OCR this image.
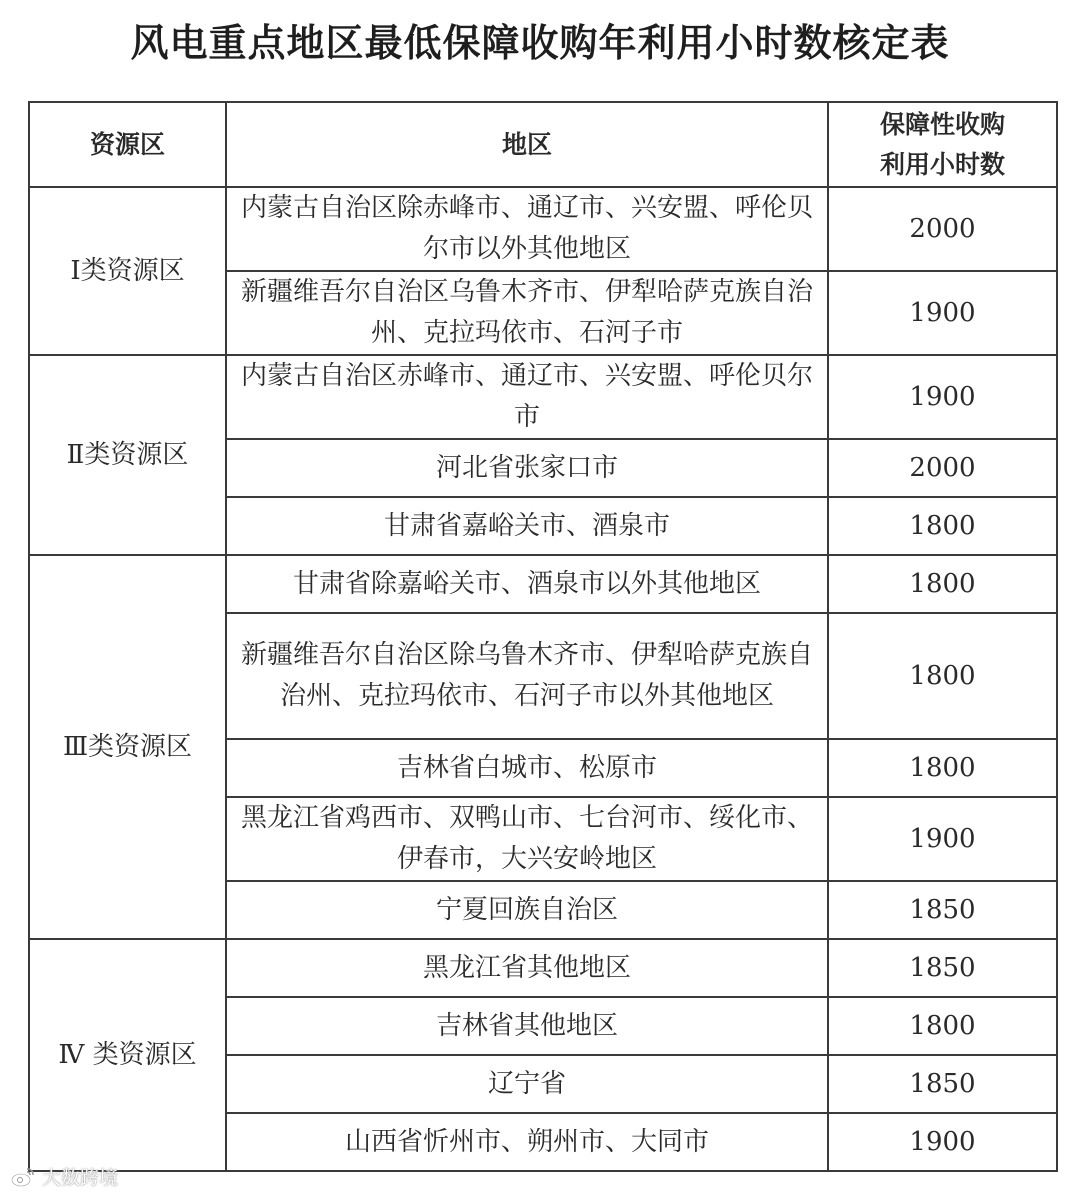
风电重点地区最低保障收购年利用小时数核定表
资源区	地区	保障性收购
利用小时数

Ⅰ类资源区	内蒙古自治区除赤峰市、通辽市、兴安盟、呼伦贝尔市以外其他地区	2000
	新疆维吾尔自治区乌鲁木齐市、伊犁哈萨克族自治州、克拉玛依市、石河子市	1900
Ⅱ类资源区	内蒙古自治区赤峰市、通辽市、兴安盟、呼伦贝尔市	1900
	河北省张家口市	2000
	甘肃省嘉峪关市、酒泉市	1800
Ⅲ类资源区	甘肃省除嘉峪关市、酒泉市以外其他地区	1800
	新疆维吾尔自治区除乌鲁木齐市、伊犁哈萨克族自治州、克拉玛依市、石河子市以外其他地区	1800
	吉林省白城市、松原市	1800
	黑龙江省鸡西市、双鸭山市、七台河市、绥化市、伊春市，大兴安岭地区	1900
	宁夏回族自治区	1850
Ⅳ 类资源区	黑龙江省其他地区	1850
	吉林省其他地区	1800
	辽宁省	1850
	山西省忻州市、朔州市、大同市	1900
大数跨境
